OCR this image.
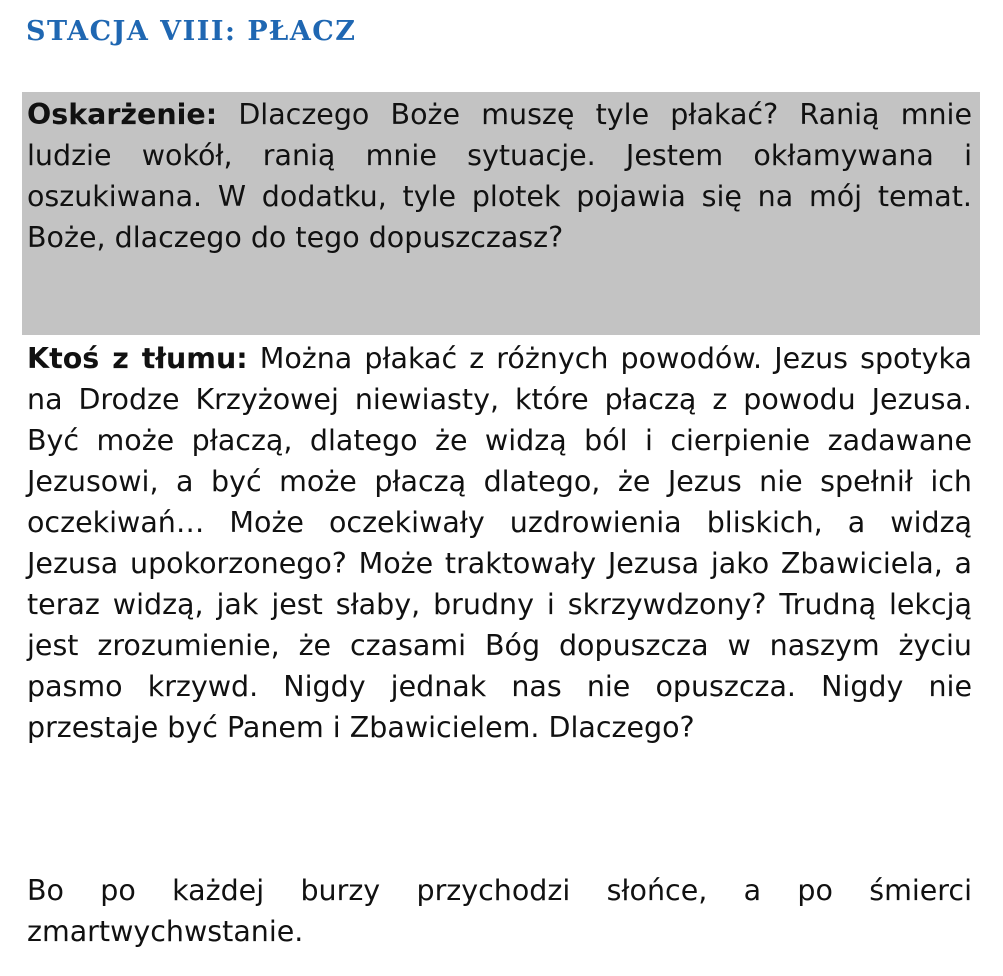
STACJA VIII: PŁACZ

Oskarżenie: Dlaczego Boże muszę tyle płakać? Ranią mnie ludzie wokół, ranią mnie sytuacje. Jestem okłamywana i oszukiwana. W dodatku, tyle plotek pojawia się na mój temat. Boże, dlaczego do tego dopuszczasz?

Ktoś z tłumu: Można płakać z różnych powodów. Jezus spotyka na Drodze Krzyżowej niewiasty, które płaczą z powodu Jezusa. Być może płaczą, dlatego że widzą ból i cierpienie zadawane Jezusowi, a być może płaczą dlatego, że Jezus nie spełnił ich oczekiwań… Może oczekiwały uzdrowienia bliskich, a widzą Jezusa upokorzonego? Może traktowały Jezusa jako Zbawiciela, a teraz widzą, jak jest słaby, brudny i skrzywdzony? Trudną lekcją jest zrozumienie, że czasami Bóg dopuszcza w naszym życiu pasmo krzywd. Nigdy jednak nas nie opuszcza. Nigdy nie przestaje być Panem i Zbawicielem. Dlaczego?

Bo po każdej burzy przychodzi słońce, a po śmierci zmartwychwstanie.
